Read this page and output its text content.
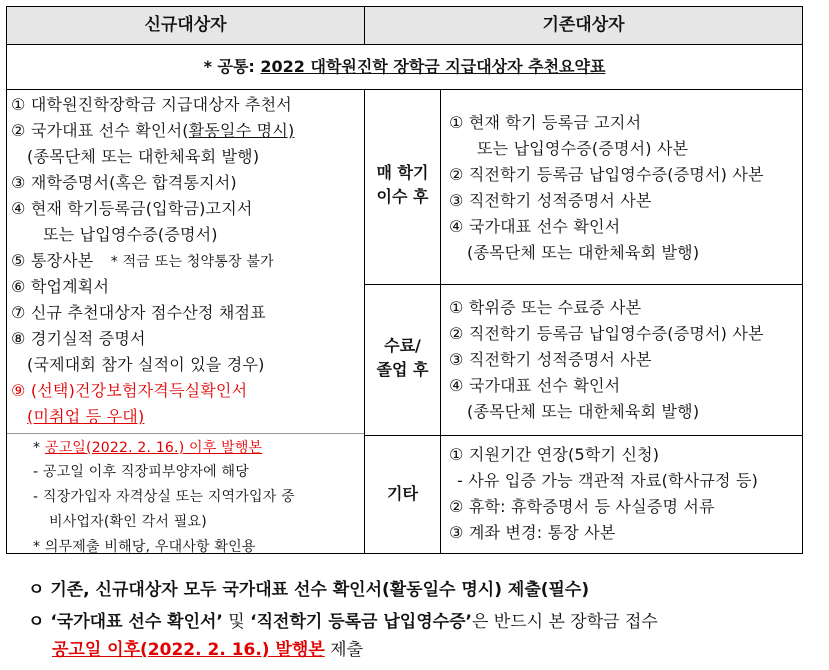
신규대상자	기존대상자
* 공통: 2022 대학원진학 장학금 지급대상자 추천요약표
① 대학원진학장학금 지급대상자 추천서
② 국가대표 선수 확인서(활동일수 명시)
(종목단체 또는 대한체육회 발행)
③ 재학증명서(혹은 합격통지서)
④ 현재 학기등록금(입학금)고지서
또는 납입영수증(증명서)
⑤ 통장사본 * 적금 또는 청약통장 불가
⑥ 학업계획서
⑦ 신규 추천대상자 점수산정 채점표
⑧ 경기실적 증명서
(국제대회 참가 실적이 있을 경우)
⑨ (선택)건강보험자격득실확인서
(미취업 등 우대)
* 공고일(2022. 2. 16.) 이후 발행본
- 공고일 이후 직장피부양자에 해당
- 직장가입자 자격상실 또는 지역가입자 중
비사업자(확인 각서 필요)
* 의무제출 비해당, 우대사항 확인용
매 학기
이수 후
수료/
졸업 후
기타
① 현재 학기 등록금 고지서
또는 납입영수증(증명서) 사본
② 직전학기 등록금 납입영수증(증명서) 사본
③ 직전학기 성적증명서 사본
④ 국가대표 선수 확인서
(종목단체 또는 대한체육회 발행)
① 학위증 또는 수료증 사본
② 직전학기 등록금 납입영수증(증명서) 사본
③ 직전학기 성적증명서 사본
④ 국가대표 선수 확인서
(종목단체 또는 대한체육회 발행)
① 지원기간 연장(5학기 신청)
- 사유 입증 가능 객관적 자료(학사규정 등)
② 휴학: 휴학증명서 등 사실증명 서류
③ 계좌 변경: 통장 사본
ㅇ 기존, 신규대상자 모두 국가대표 선수 확인서(활동일수 명시) 제출(필수)
ㅇ ‘국가대표 선수 확인서’ 및 ‘직전학기 등록금 납입영수증’은 반드시 본 장학금 접수
공고일 이후(2022. 2. 16.) 발행본 제출
